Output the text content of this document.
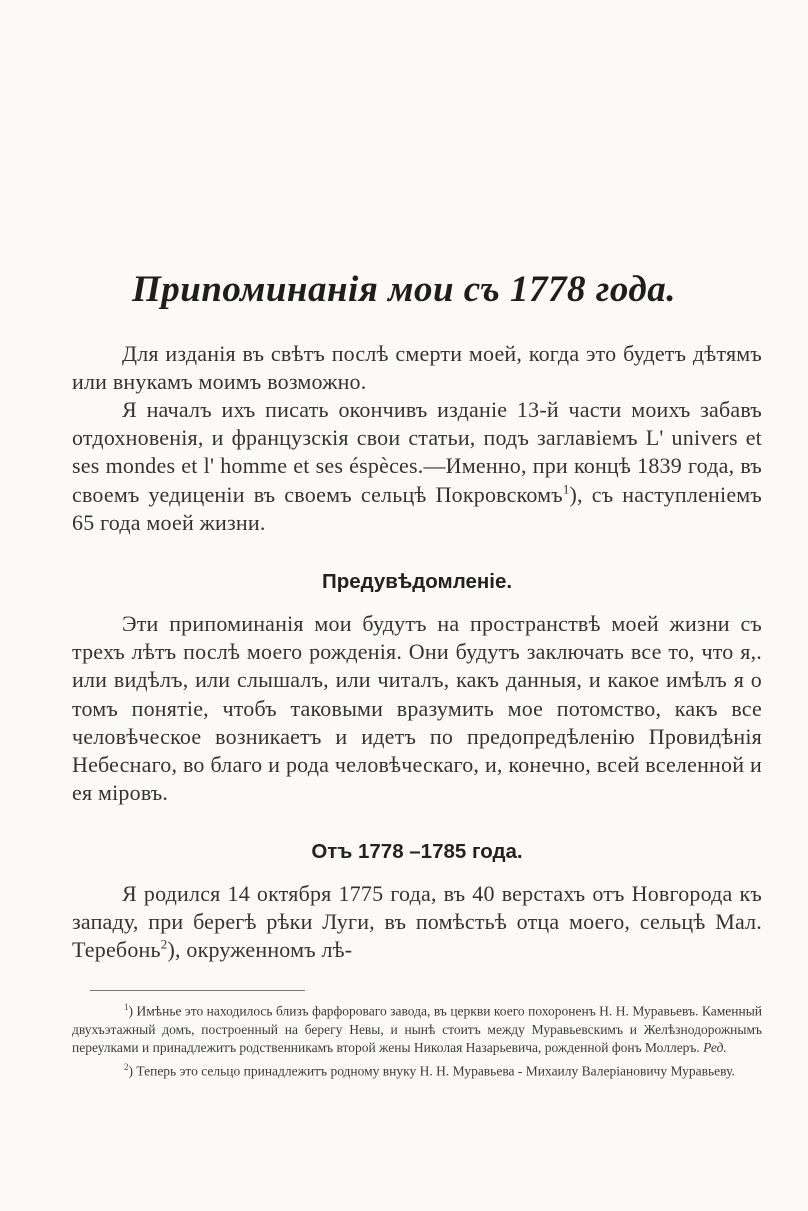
Припоминанія мои съ 1778 года.

Для изданія въ свѣтъ послѣ смерти моей, когда это будетъ дѣтямъ или внукамъ моимъ возможно.

Я началъ ихъ писать окончивъ изданіе 13-й части моихъ забавъ отдохновенія, и французскія свои статьи, подъ заглавіемъ L' univers et ses mondes et l' homme et ses éspèces.—Именно, при концѣ 1839 года, въ своемъ уедиценіи въ своемъ сельцѣ Покровскомъ$^1$), съ наступленіемъ 65 года моей жизни.

Предувѣдомленіе.

Эти припоминанія мои будутъ на пространствѣ моей жизни съ трехъ лѣтъ послѣ моего рожденія. Они будутъ заключать все то, что я,. или видѣлъ, или слышалъ, или читалъ, какъ данныя, и какое имѣлъ я о томъ понятіе, чтобъ таковыми вразумить мое потомство, какъ все человѣческое возникаетъ и идетъ по предопредѣленію Провидѣнія Небеснаго, во благо и рода человѣческаго, и, конечно, всей вселенной и ея міровъ.

Отъ 1778 –1785 года.

Я родился 14 октября 1775 года, въ 40 верстахъ отъ Новгорода къ западу, при берегѣ рѣки Луги, въ помѣстьѣ отца моего, сельцѣ Мал. Теребонь$^2$), окруженномъ лѣ-

$^1$) Имѣнье это находилось близъ фарфороваго завода, въ церкви коего похороненъ Н. Н. Муравьевъ. Каменный двухъэтажный домъ, построенный на берегу Невы, и нынѣ стоитъ между Муравьевскимъ и Желѣзнодорожнымъ переулками и принадлежитъ родственникамъ второй жены Николая Назарьевича, рожденной фонъ Моллеръ. Ред.

$^2$) Теперь это сельцо принадлежитъ родному внуку Н. Н. Муравьева - Михаилу Валеріановичу Муравьеву.
